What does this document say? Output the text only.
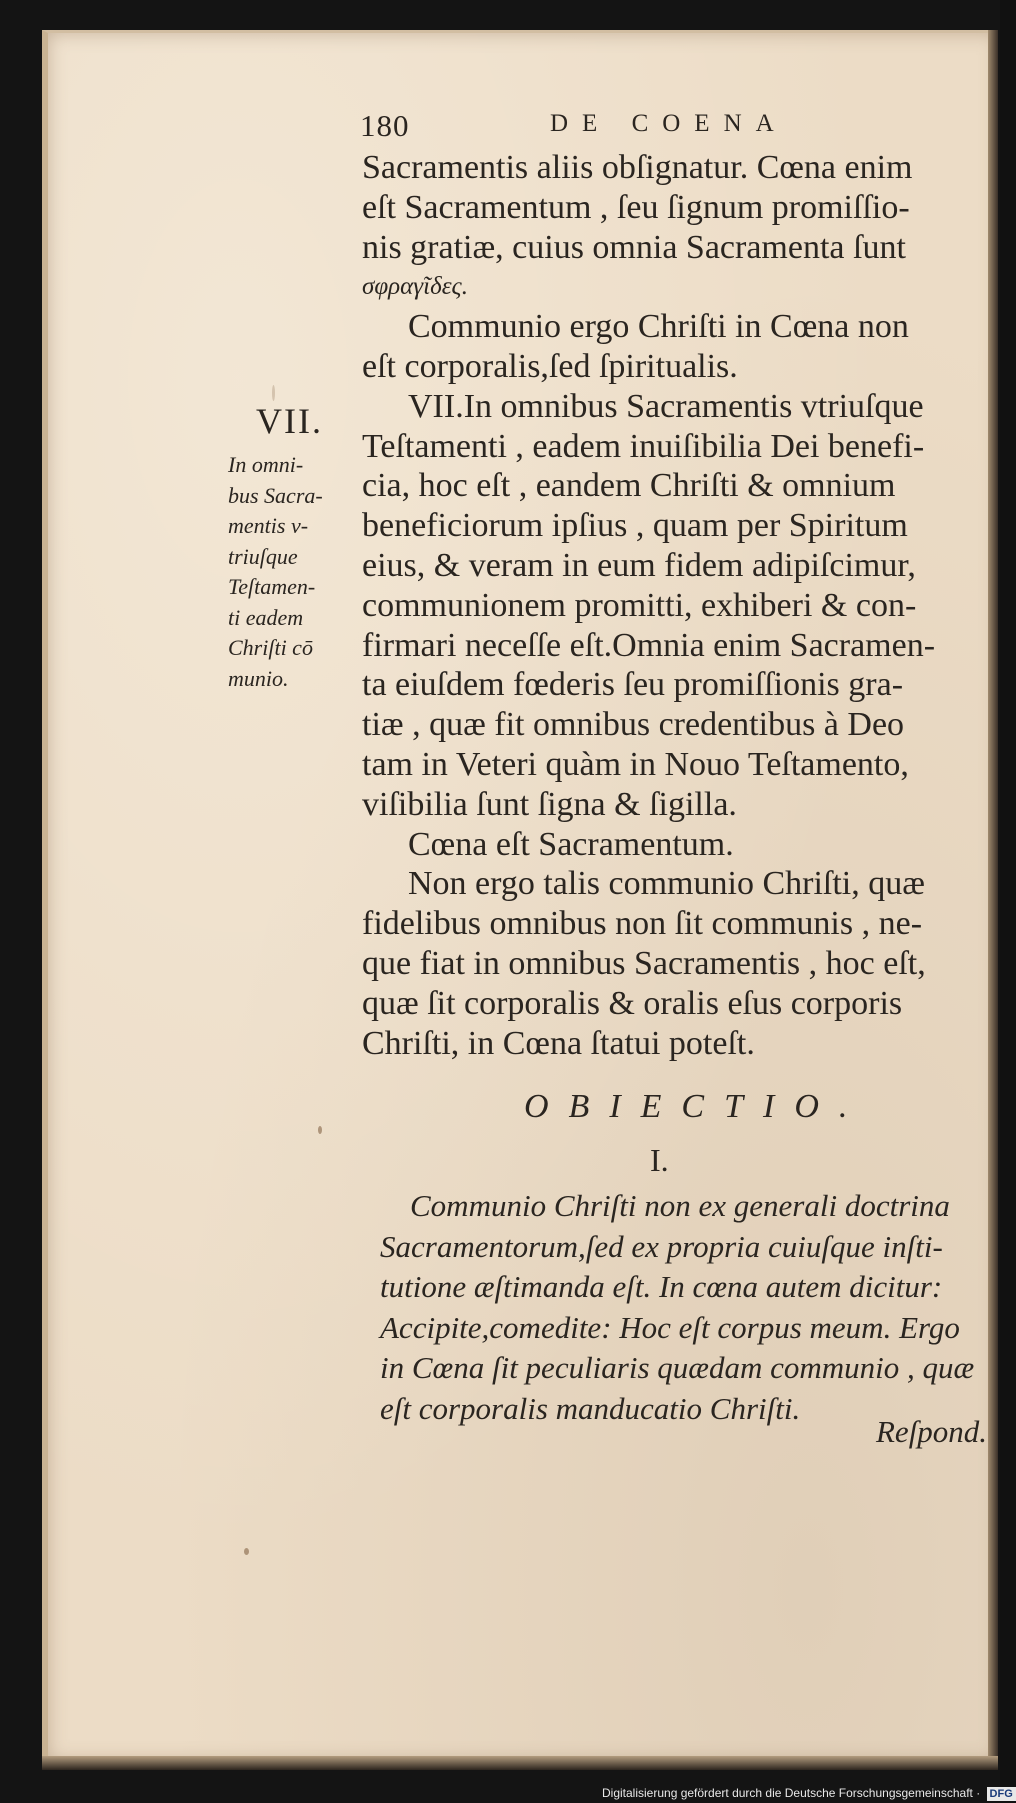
180	DE COENA
Sacramentis aliis obſignatur. Cœna enim
eſt Sacramentum , ſeu ſignum promiſſio-
nis gratiæ, cuius omnia Sacramenta ſunt
σφραγῖδες.
Communio ergo Chriſti in Cœna non
eſt corporalis,ſed ſpiritualis.
VII.In omnibus Sacramentis vtriuſque
Teſtamenti , eadem inuiſibilia Dei benefi-
cia, hoc eſt , eandem Chriſti & omnium
beneficiorum ipſius , quam per Spiritum
eius, & veram in eum fidem adipiſcimur,
communionem promitti, exhiberi & con-
firmari neceſſe eſt.Omnia enim Sacramen-
ta eiuſdem fœderis ſeu promiſſionis gra-
tiæ , quæ fit omnibus credentibus à Deo
tam in Veteri quàm in Nouo Teſtamento,
viſibilia ſunt ſigna & ſigilla.
Cœna eſt Sacramentum.
Non ergo talis communio Chriſti, quæ
fidelibus omnibus non ſit communis , ne-
que fiat in omnibus Sacramentis , hoc eſt,
quæ ſit corporalis & oralis eſus corporis
Chriſti, in Cœna ſtatui poteſt.
VII.
In omni-
bus Sacra-
mentis v-
triuſque
Teſtamen-
ti eadem
Chriſti cō
munio.
OBIECTIO.
I.
Communio Chriſti non ex generali doctrina
Sacramentorum,ſed ex propria cuiuſque inſti-
tutione æſtimanda eſt. In cœna autem dicitur:
Accipite,comedite: Hoc eſt corpus meum. Ergo
in Cœna ſit peculiaris quædam communio , quæ
eſt corporalis manducatio Chriſti.
Reſpond.
Digitalisierung gefördert durch die Deutsche Forschungsgemeinschaft · DFG
